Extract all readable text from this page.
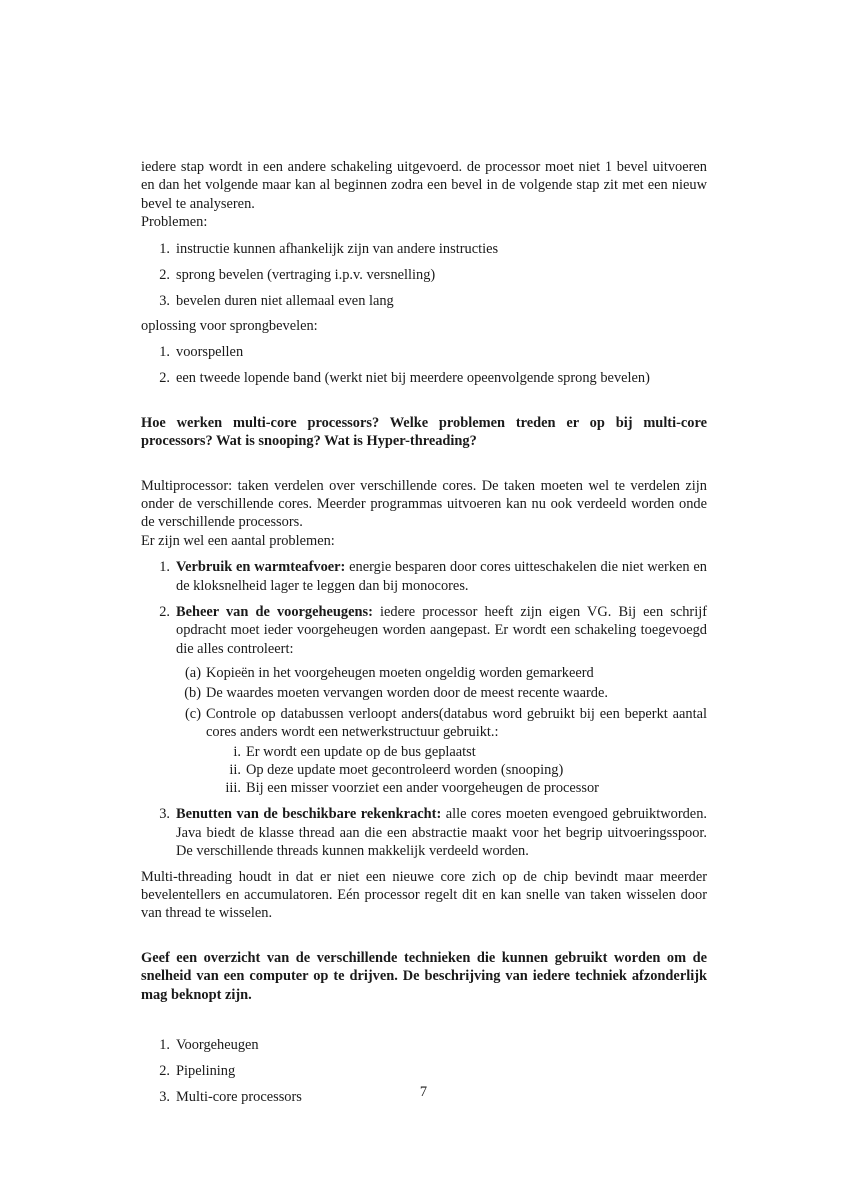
iedere stap wordt in een andere schakeling uitgevoerd. de processor moet niet 1 bevel uitvoeren en dan het volgende maar kan al beginnen zodra een bevel in de volgende stap zit met een nieuw bevel te analyseren.

Problemen:

1. instructie kunnen afhankelijk zijn van andere instructies
2. sprong bevelen (vertraging i.p.v. versnelling)
3. bevelen duren niet allemaal even lang

oplossing voor sprongbevelen:

1. voorspellen
2. een tweede lopende band (werkt niet bij meerdere opeenvolgende sprong bevelen)

Hoe werken multi-core processors? Welke problemen treden er op bij multi-core processors? Wat is snooping? Wat is Hyper-threading?

Multiprocessor: taken verdelen over verschillende cores. De taken moeten wel te verdelen zijn onder de verschillende cores. Meerder programmas uitvoeren kan nu ook verdeeld worden onde de verschillende processors.

Er zijn wel een aantal problemen:

1. Verbruik en warmteafvoer: energie besparen door cores uitteschakelen die niet werken en de kloksnelheid lager te leggen dan bij monocores.
2. Beheer van de voorgeheugens: iedere processor heeft zijn eigen VG. Bij een schrijf opdracht moet ieder voorgeheugen worden aangepast. Er wordt een schakeling toegevoegd die alles controleert:
(a) Kopieën in het voorgeheugen moeten ongeldig worden gemarkeerd
(b) De waardes moeten vervangen worden door de meest recente waarde.
(c) Controle op databussen verloopt anders(databus word gebruikt bij een beperkt aantal cores anders wordt een netwerkstructuur gebruikt.:
i. Er wordt een update op de bus geplaatst
ii. Op deze update moet gecontroleerd worden (snooping)
iii. Bij een misser voorziet een ander voorgeheugen de processor
3. Benutten van de beschikbare rekenkracht: alle cores moeten evengoed gebruiktworden. Java biedt de klasse thread aan die een abstractie maakt voor het begrip uitvoeringsspoor. De verschillende threads kunnen makkelijk verdeeld worden.

Multi-threading houdt in dat er niet een nieuwe core zich op de chip bevindt maar meerder bevelentellers en accumulatoren. Eén processor regelt dit en kan snelle van taken wisselen door van thread te wisselen.

Geef een overzicht van de verschillende technieken die kunnen gebruikt worden om de snelheid van een computer op te drijven. De beschrijving van iedere techniek afzonderlijk mag beknopt zijn.

1. Voorgeheugen
2. Pipelining
3. Multi-core processors	7
